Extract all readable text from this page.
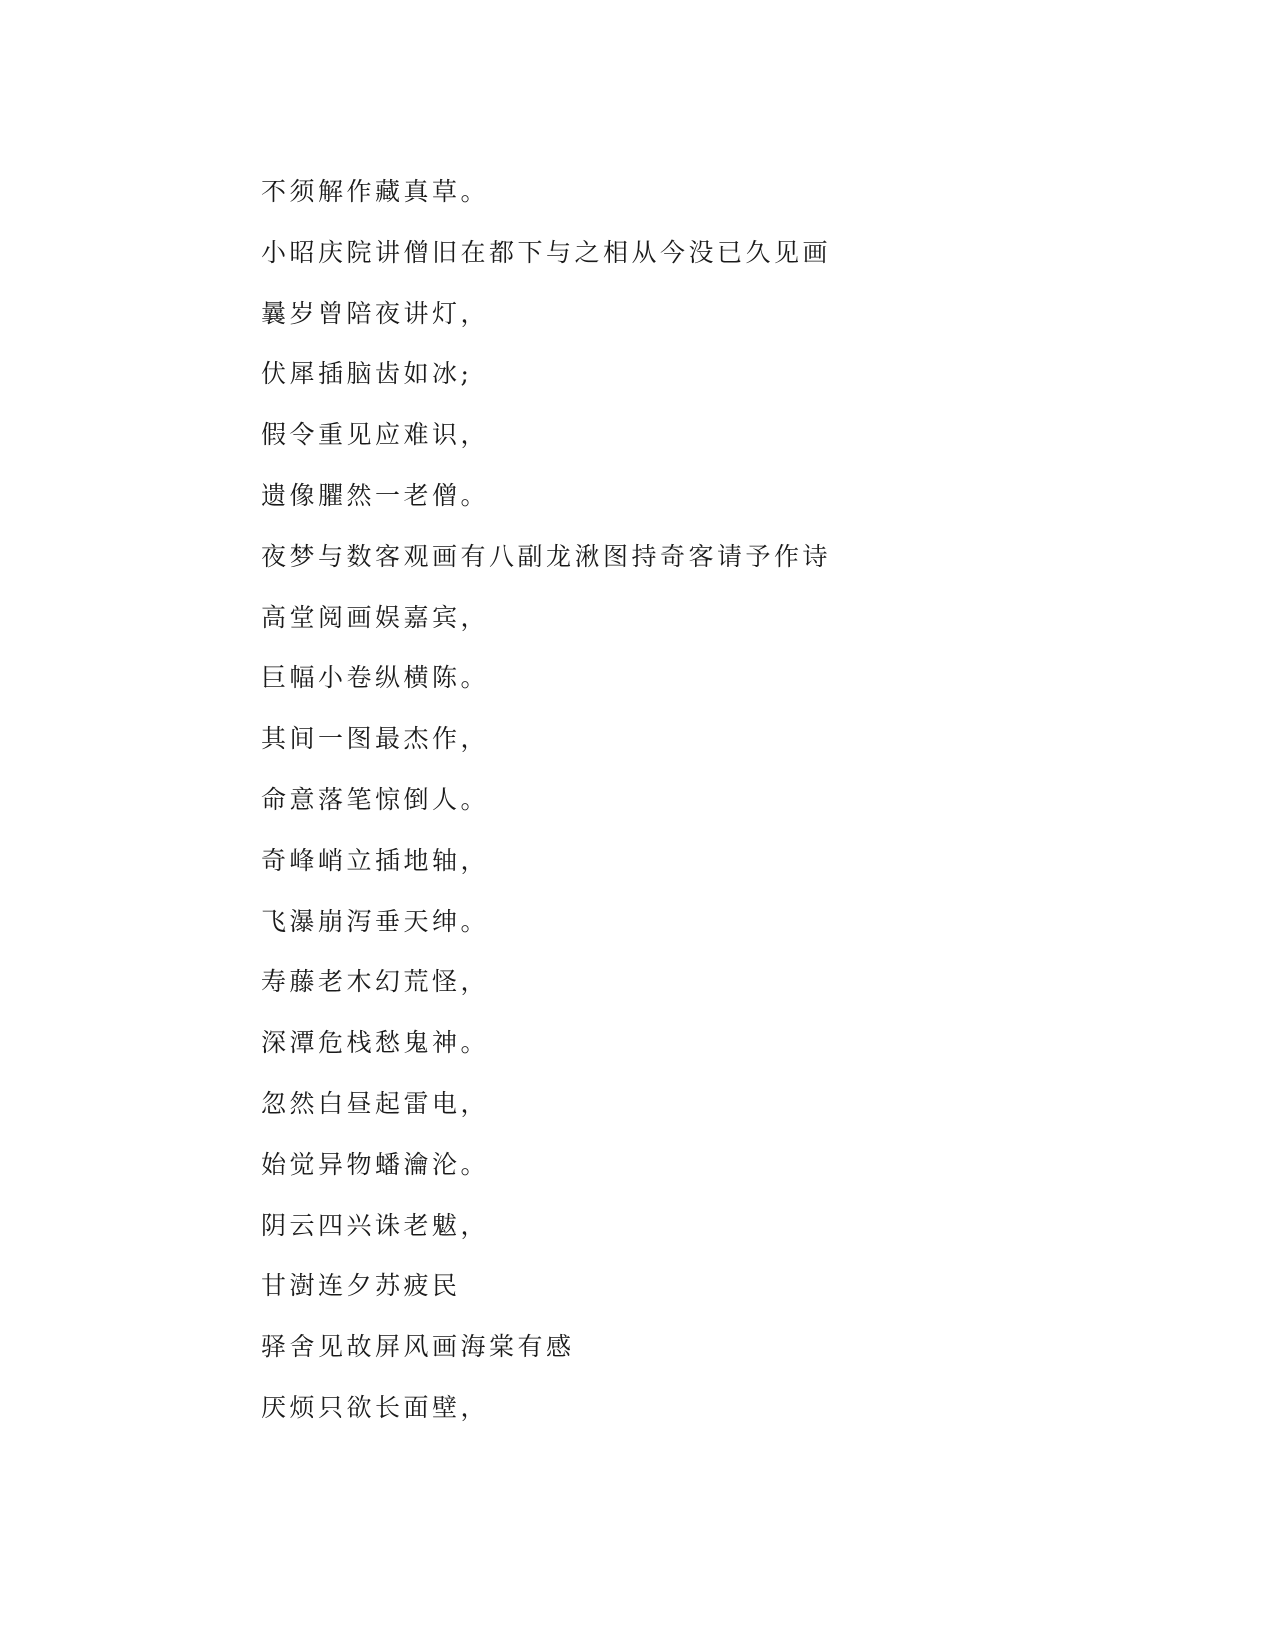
不须解作藏真草。
小昭庆院讲僧旧在都下与之相从今没已久见画
曩岁曾陪夜讲灯，
伏犀插脑齿如冰;
假令重见应难识，
遗像臞然一老僧。
夜梦与数客观画有八副龙湫图持奇客请予作诗
高堂阅画娱嘉宾，
巨幅小卷纵横陈。
其间一图最杰作，
命意落笔惊倒人。
奇峰峭立插地轴，
飞瀑崩泻垂天绅。
寿藤老木幻荒怪，
深潭危栈愁鬼神。
忽然白昼起雷电，
始觉异物蟠瀹沦。
阴云四兴诛老魃，
甘澍连夕苏疲民
驿舍见故屏风画海棠有感
厌烦只欲长面壁，
